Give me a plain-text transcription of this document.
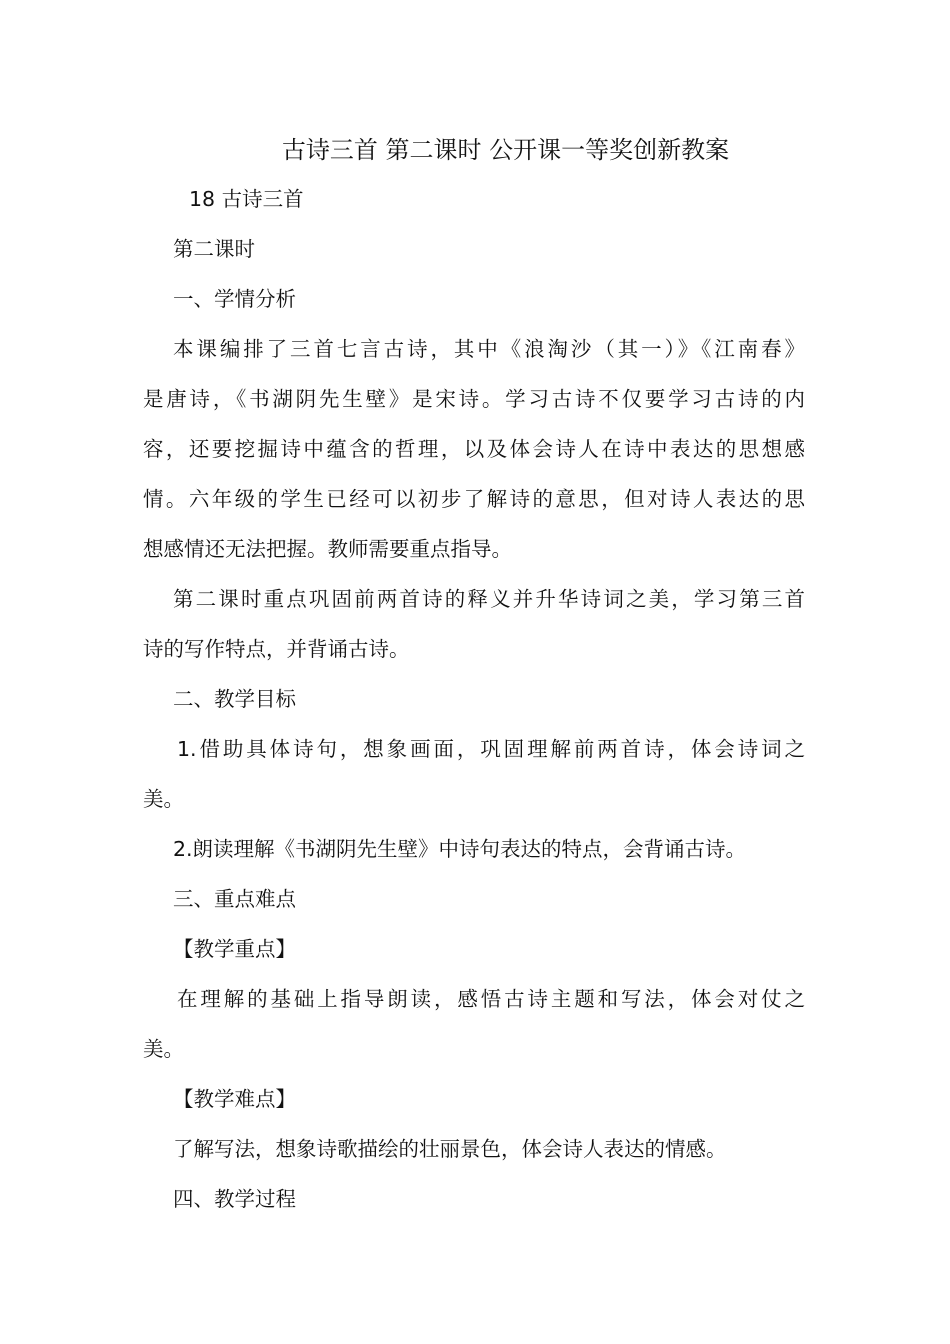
古诗三首 第二课时 公开课一等奖创新教案
18 古诗三首
第二课时
一、学情分析
本课编排了三首七言古诗，其中《浪淘沙（其一）》《江南春》
是唐诗，《书湖阴先生壁》是宋诗。学习古诗不仅要学习古诗的内
容，还要挖掘诗中蕴含的哲理，以及体会诗人在诗中表达的思想感
情。六年级的学生已经可以初步了解诗的意思，但对诗人表达的思
想感情还无法把握。教师需要重点指导。
第二课时重点巩固前两首诗的释义并升华诗词之美，学习第三首
诗的写作特点，并背诵古诗。
二、教学目标
1.借助具体诗句，想象画面，巩固理解前两首诗，体会诗词之
美。
2.朗读理解《书湖阴先生壁》中诗句表达的特点，会背诵古诗。
三、重点难点
【教学重点】
在理解的基础上指导朗读，感悟古诗主题和写法，体会对仗之
美。
【教学难点】
了解写法，想象诗歌描绘的壮丽景色，体会诗人表达的情感。
四、教学过程
